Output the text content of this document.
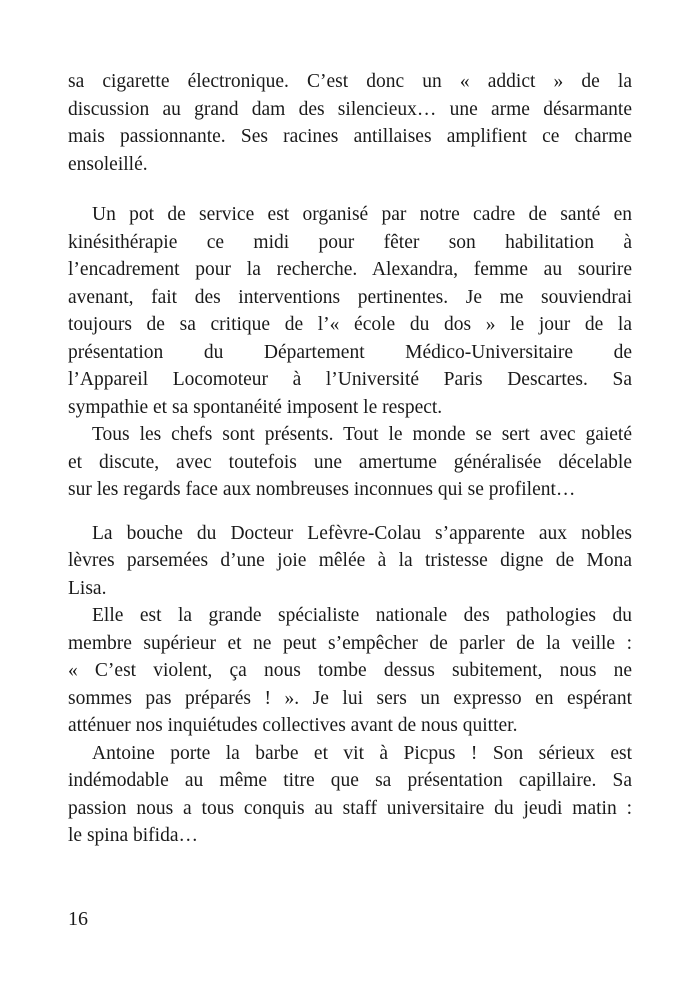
sa cigarette électronique. C’est donc un « addict » de la
discussion au grand dam des silencieux… une arme désarmante
mais passionnante. Ses racines antillaises amplifient ce charme
ensoleillé.
Un pot de service est organisé par notre cadre de santé en
kinésithérapie ce midi pour fêter son habilitation à
l’encadrement pour la recherche. Alexandra, femme au sourire
avenant, fait des interventions pertinentes. Je me souviendrai
toujours de sa critique de l’« école du dos » le jour de la
présentation du Département Médico-Universitaire de
l’Appareil Locomoteur à l’Université Paris Descartes. Sa
sympathie et sa spontanéité imposent le respect.
Tous les chefs sont présents. Tout le monde se sert avec gaieté
et discute, avec toutefois une amertume généralisée décelable
sur les regards face aux nombreuses inconnues qui se profilent…
La bouche du Docteur Lefèvre-Colau s’apparente aux nobles
lèvres parsemées d’une joie mêlée à la tristesse digne de Mona
Lisa.
Elle est la grande spécialiste nationale des pathologies du
membre supérieur et ne peut s’empêcher de parler de la veille :
« C’est violent, ça nous tombe dessus subitement, nous ne
sommes pas préparés ! ». Je lui sers un expresso en espérant
atténuer nos inquiétudes collectives avant de nous quitter.
Antoine porte la barbe et vit à Picpus ! Son sérieux est
indémodable au même titre que sa présentation capillaire. Sa
passion nous a tous conquis au staff universitaire du jeudi matin :
le spina bifida…
16
